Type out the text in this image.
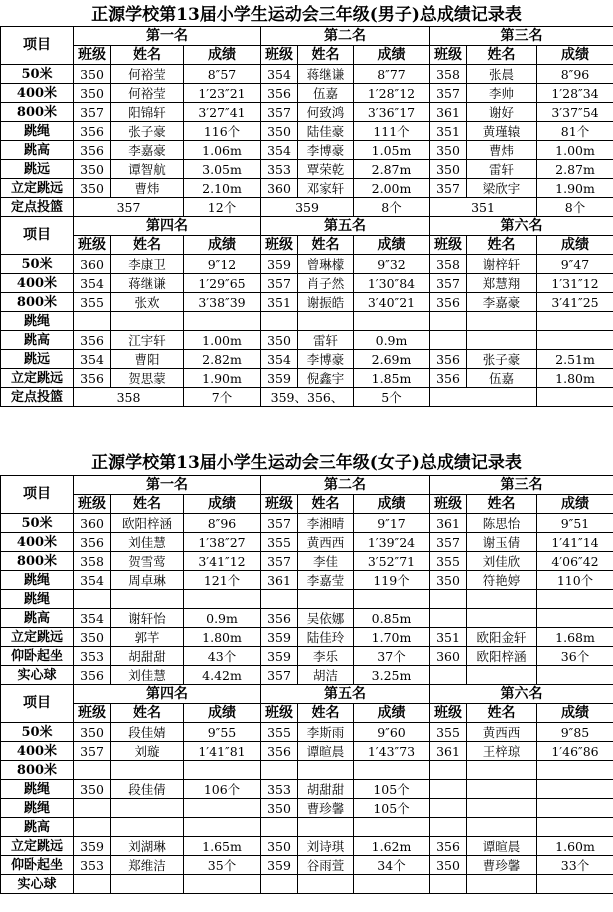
正源学校第13届小学生运动会三年级(男子)总成绩记录表
项目	第一名			第二名			第三名		
	班级	姓名	成绩	班级	姓名	成绩	班级	姓名	成绩
50米	350	何裕莹	8″57	354	蒋继谦	8″77	358	张晨	8″96
400米	350	何裕莹	1′23″21	356	伍嘉	1′28″12	357	李帅	1′28″34
800米	357	阳锦轩	3′27″41	357	何致鸿	3′36″17	361	谢好	3′37″54
跳绳	356	张子豪	116个	350	陆佳豪	111个	351	黄瑾辕	81个
跳高	356	李嘉豪	1.06m	354	李博豪	1.05m	350	曹炜	1.00m
跳远	350	谭智航	3.05m	353	覃荣乾	2.87m	350	雷轩	2.87m
立定跳远	350	曹炜	2.10m	360	邓家轩	2.00m	357	梁欣宇	1.90m
定点投篮	357		12个	359		8个	351		8个
项目	第四名			第五名			第六名		
	班级	姓名	成绩	班级	姓名	成绩	班级	姓名	成绩
50米	360	李康卫	9″12	359	曾琳檬	9″32	358	谢梓轩	9″47
400米	354	蒋继谦	1′29″65	357	肖子然	1′30″84	357	郑慧翔	1′31″12
800米	355	张欢	3′38″39	351	谢振皓	3′40″21	356	李嘉豪	3′41″25
跳绳									
跳高	356	江宇轩	1.00m	350	雷轩	0.9m			
跳远	354	曹阳	2.82m	354	李博豪	2.69m	356	张子豪	2.51m
立定跳远	356	贺思蒙	1.90m	359	倪鑫宇	1.85m	356	伍嘉	1.80m
定点投篮	358		7个	359、356、		5个			
正源学校第13届小学生运动会三年级(女子)总成绩记录表
项目	第一名			第二名			第三名		
	班级	姓名	成绩	班级	姓名	成绩	班级	姓名	成绩
50米	360	欧阳梓涵	8″96	357	李湘晴	9″17	361	陈思怡	9″51
400米	356	刘佳慧	1′38″27	355	黄西西	1′39″24	357	谢玉倩	1′41″14
800米	358	贺雪莺	3′41″12	357	李佳	3′52″71	355	刘佳欣	4′06″42
跳绳	354	周卓琳	121个	361	李嘉莹	119个	350	符艳婷	110个
跳绳									
跳高	354	谢轩怡	0.9m	356	吴依娜	0.85m			
立定跳远	350	郭芊	1.80m	359	陆佳玲	1.70m	351	欧阳金轩	1.68m
仰卧起坐	353	胡甜甜	43个	359	李乐	37个	360	欧阳梓涵	36个
实心球	356	刘佳慧	4.42m	357	胡洁	3.25m			
项目	第四名			第五名			第六名		
	班级	姓名	成绩	班级	姓名	成绩	班级	姓名	成绩
50米	350	段佳婧	9″55	355	李斯雨	9″60	355	黄西西	9″85
400米	357	刘璇	1′41″81	356	谭暄晨	1′43″73	361	王梓琼	1′46″86
800米									
跳绳	350	段佳倩	106个	353	胡甜甜	105个			
跳绳				350	曹珍馨	105个			
跳高									
立定跳远	359	刘湖琳	1.65m	350	刘诗琪	1.62m	356	谭暄晨	1.60m
仰卧起坐	353	郑维洁	35个	359	谷雨萱	34个	350	曹珍馨	33个
实心球									
